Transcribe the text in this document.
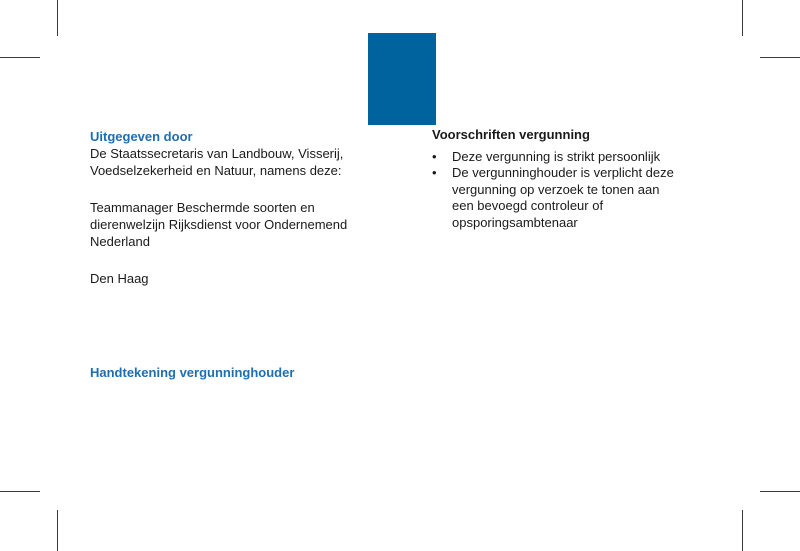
Uitgegeven door

De Staatssecretaris van Landbouw, Visserij, Voedselzekerheid en Natuur, namens deze:

Teammanager Beschermde soorten en dierenwelzijn Rijksdienst voor Ondernemend Nederland

Den Haag

Handtekening vergunninghouder
Voorschriften vergunning
•	Deze vergunning is strikt persoonlijk
•	De vergunninghouder is verplicht deze vergunning op verzoek te tonen aan een bevoegd controleur of opsporingsambtenaar
